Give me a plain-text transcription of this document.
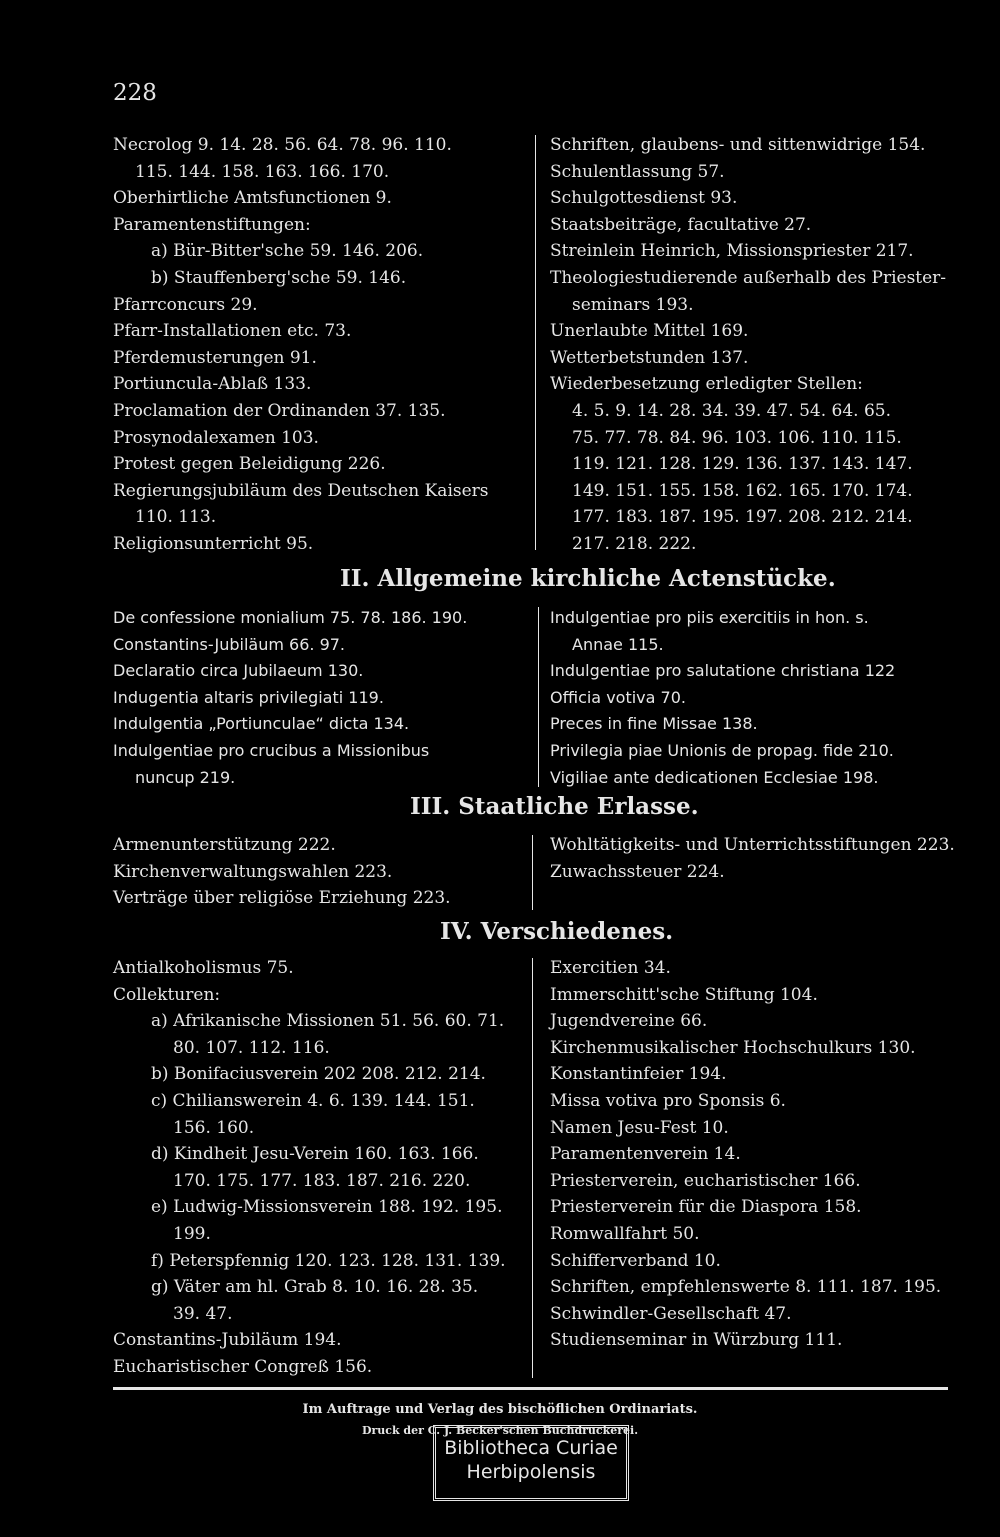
228
Necrolog 9. 14. 28. 56. 64. 78. 96. 110.
115. 144. 158. 163. 166. 170.
Oberhirtliche Amtsfunctionen 9.
Paramentenstiftungen:
a) Bür-Bitter'sche 59. 146. 206.
b) Stauffenberg'sche 59. 146.
Pfarrconcurs 29.
Pfarr-Installationen etc. 73.
Pferdemusterungen 91.
Portiuncula-Ablaß 133.
Proclamation der Ordinanden 37. 135.
Prosynodalexamen 103.
Protest gegen Beleidigung 226.
Regierungsjubiläum des Deutschen Kaisers
110. 113.
Religionsunterricht 95.
Schriften, glaubens- und sittenwidrige 154.
Schulentlassung 57.
Schulgottesdienst 93.
Staatsbeiträge, facultative 27.
Streinlein Heinrich, Missionspriester 217.
Theologiestudierende außerhalb des Priester-
seminars 193.
Unerlaubte Mittel 169.
Wetterbetstunden 137.
Wiederbesetzung erledigter Stellen:
4. 5. 9. 14. 28. 34. 39. 47. 54. 64. 65.
75. 77. 78. 84. 96. 103. 106. 110. 115.
119. 121. 128. 129. 136. 137. 143. 147.
149. 151. 155. 158. 162. 165. 170. 174.
177. 183. 187. 195. 197. 208. 212. 214.
217. 218. 222.
II. Allgemeine kirchliche Actenstücke.
De confessione monialium 75. 78. 186. 190.
Constantins-Jubiläum 66. 97.
Declaratio circa Jubilaeum 130.
Indugentia altaris privilegiati 119.
Indulgentia „Portiunculae“ dicta 134.
Indulgentiae pro crucibus a Missionibus
nuncup 219.
Indulgentiae pro piis exercitiis in hon. s.
Annae 115.
Indulgentiae pro salutatione christiana 122
Officia votiva 70.
Preces in fine Missae 138.
Privilegia piae Unionis de propag. fide 210.
Vigiliae ante dedicationen Ecclesiae 198.
III. Staatliche Erlasse.
Armenunterstützung 222.
Kirchenverwaltungswahlen 223.
Verträge über religiöse Erziehung 223.
Wohltätigkeits- und Unterrichtsstiftungen 223.
Zuwachssteuer 224.
IV. Verschiedenes.
Antialkoholismus 75.
Collekturen:
a) Afrikanische Missionen 51. 56. 60. 71.
80. 107. 112. 116.
b) Bonifaciusverein 202 208. 212. 214.
c) Chilianswerein 4. 6. 139. 144. 151.
156. 160.
d) Kindheit Jesu-Verein 160. 163. 166.
170. 175. 177. 183. 187. 216. 220.
e) Ludwig-Missionsverein 188. 192. 195.
199.
f) Peterspfennig 120. 123. 128. 131. 139.
g) Väter am hl. Grab 8. 10. 16. 28. 35.
39. 47.
Constantins-Jubiläum 194.
Eucharistischer Congreß 156.
Exercitien 34.
Immerschitt'sche Stiftung 104.
Jugendvereine 66.
Kirchenmusikalischer Hochschulkurs 130.
Konstantinfeier 194.
Missa votiva pro Sponsis 6.
Namen Jesu-Fest 10.
Paramentenverein 14.
Priesterverein, eucharistischer 166.
Priesterverein für die Diaspora 158.
Romwallfahrt 50.
Schifferverband 10.
Schriften, empfehlenswerte 8. 111. 187. 195.
Schwindler-Gesellschaft 47.
Studienseminar in Würzburg 111.
Im Auftrage und Verlag des bischöflichen Ordinariats.
Druck der C. J. Becker'schen Buchdruckerei.
Bibliotheca Curiae
Herbipolensis
